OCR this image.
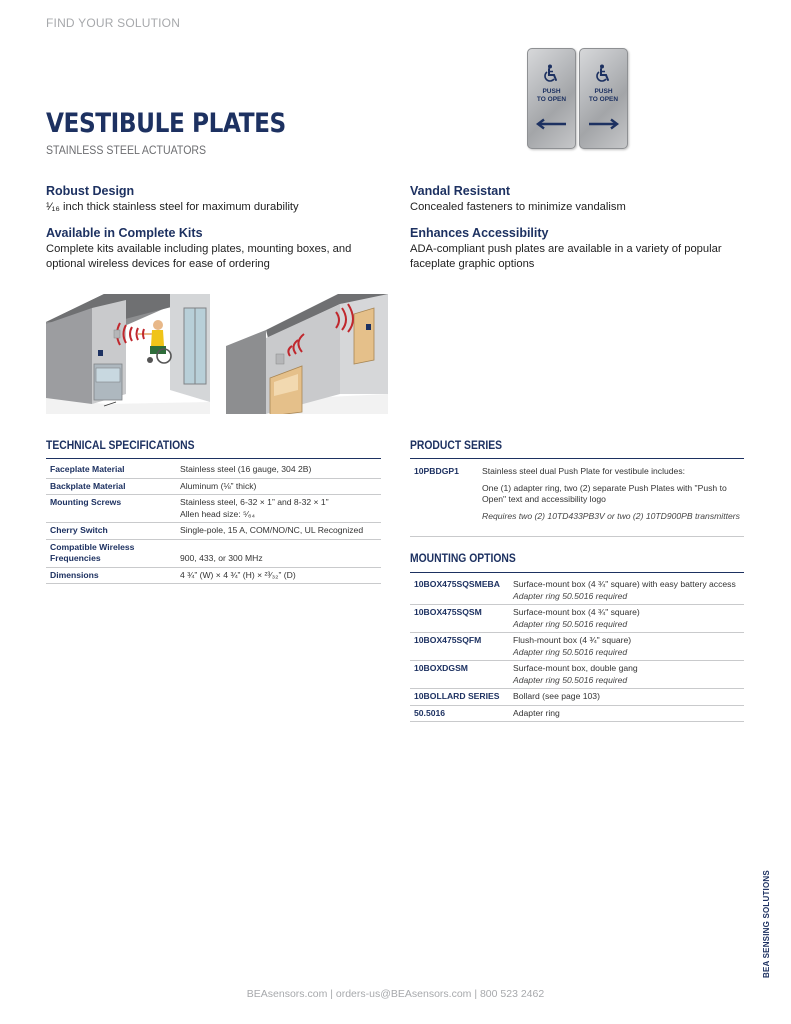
FIND YOUR SOLUTION
VESTIBULE PLATES
STAINLESS STEEL ACTUATORS
PUSH
TO OPEN
PUSH
TO OPEN
Robust Design

¹⁄₁₆ inch thick stainless steel for maximum durability

Vandal Resistant

Concealed fasteners to minimize vandalism

Available in Complete Kits

Complete kits available including plates, mounting boxes, and optional wireless devices for ease of ordering

Enhances Accessibility

ADA-compliant push plates are available in a variety of popular faceplate graphic options

TECHNICAL SPECIFICATIONS
Faceplate Material	Stainless steel (16 gauge, 304 2B)
Backplate Material	Aluminum (⅛” thick)
Mounting Screws	Stainless steel, 6-32 × 1” and 8-32 × 1”
Allen head size: ⁵⁄₆₄

Cherry Switch	Single-pole, 15 A, COM/NO/NC, UL Recognized

Compatible Wireless
Frequencies	900, 433, or 300 MHz
Dimensions	4 ¾” (W) × 4 ¾” (H) × ²³⁄₃₂” (D)
PRODUCT SERIES
10PBDGP1	Stainless steel dual Push Plate for vestibule includes:

One (1) adapter ring, two (2) separate Push Plates with "Push to Open" text and accessibility logo

Requires two (2) 10TD433PB3V or two (2) 10TD900PB transmitters

MOUNTING OPTIONS
10BOX475SQSMEBA	Surface-mount box (4 ¾" square) with easy battery access
Adapter ring 50.5016 required

10BOX475SQSM	Surface-mount box (4 ¾" square)
Adapter ring 50.5016 required

10BOX475SQFM	Flush-mount box (4 ¾" square)
Adapter ring 50.5016 required

10BOXDGSM	Surface-mount box, double gang
Adapter ring 50.5016 required

10BOLLARD SERIES	Bollard (see page 103)
50.5016	Adapter ring
BEA SENSING SOLUTIONS
BEAsensors.com | orders-us@BEAsensors.com | 800 523 2462
